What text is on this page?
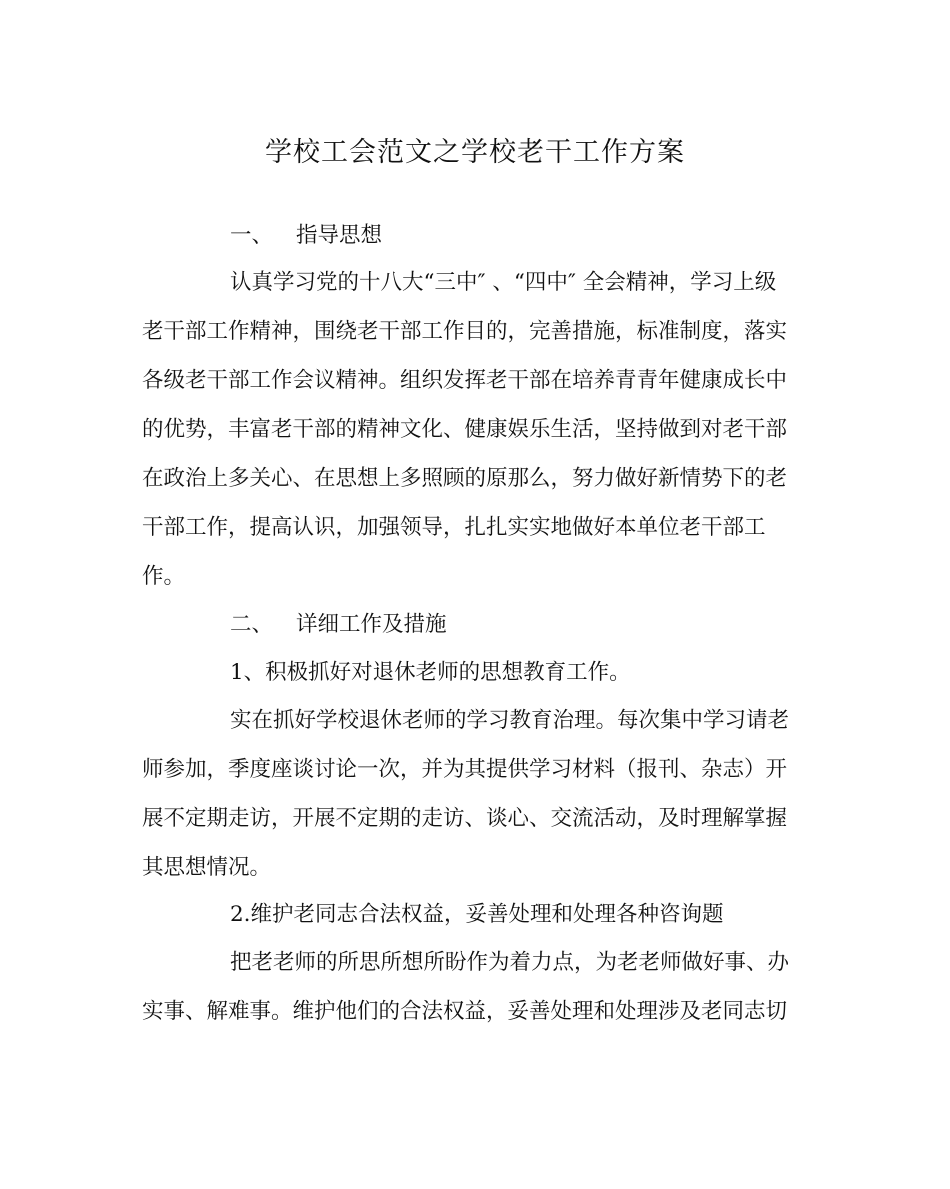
学校工会范文之学校老干工作方案

一、 指导思想

认真学习党的十八大“三中″ 、“四中″ 全会精神，学习上级

老干部工作精神，围绕老干部工作目的，完善措施，标准制度，落实

各级老干部工作会议精神。组织发挥老干部在培养青青年健康成长中

的优势，丰富老干部的精神文化、健康娱乐生活，坚持做到对老干部

在政治上多关心、在思想上多照顾的原那么，努力做好新情势下的老

干部工作，提高认识，加强领导，扎扎实实地做好本单位老干部工

作。

二、 详细工作及措施

1、积极抓好对退休老师的思想教育工作。

实在抓好学校退休老师的学习教育治理。每次集中学习请老

师参加，季度座谈讨论一次，并为其提供学习材料（报刊、杂志）开

展不定期走访，开展不定期的走访、谈心、交流活动，及时理解掌握

其思想情况。

2.维护老同志合法权益，妥善处理和处理各种咨询题

把老老师的所思所想所盼作为着力点，为老老师做好事、办

实事、解难事。维护他们的合法权益，妥善处理和处理涉及老同志切
